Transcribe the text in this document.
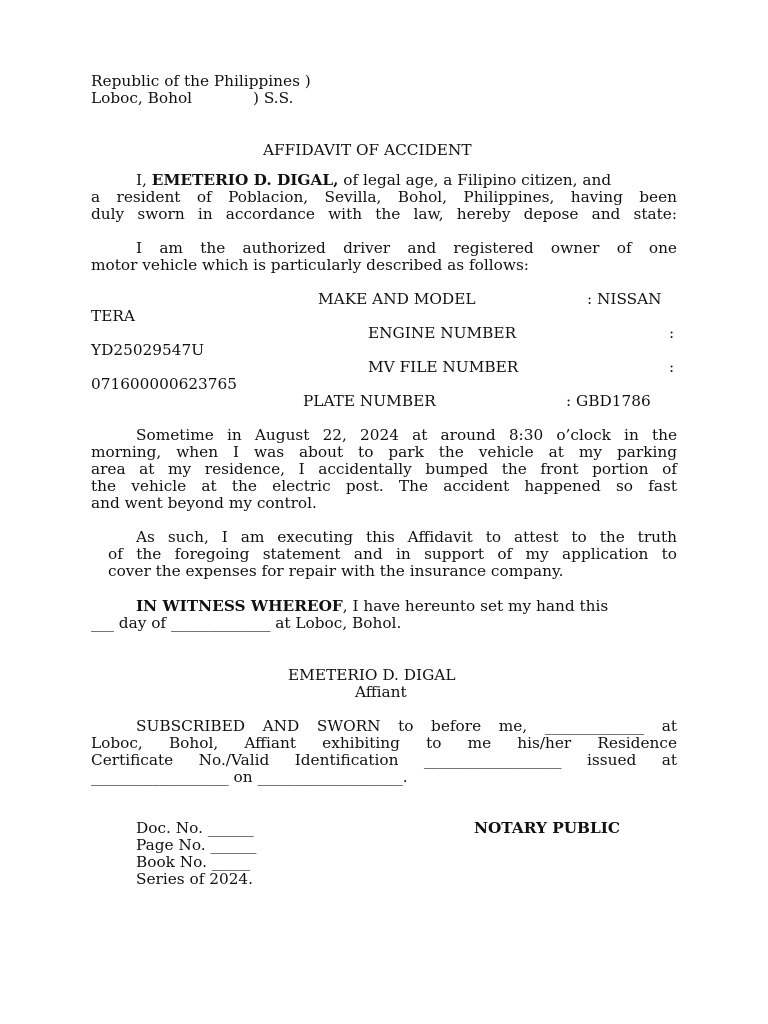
Republic of the Philippines )
Loboc, Bohol	) S.S.
AFFIDAVIT OF ACCIDENT
I, EMETERIO D. DIGAL, of legal age, a Filipino citizen, and
a resident of Poblacion, Sevilla, Bohol, Philippines, having been
duly sworn in accordance with the law, hereby depose and state:
I am the authorized driver and registered owner of one
motor vehicle which is particularly described as follows:
MAKE AND MODEL	: NISSAN
TERA
ENGINE NUMBER	:
YD25029547U
MV FILE NUMBER	:
071600000623765
PLATE NUMBER	: GBD1786
Sometime in August 22, 2024 at around 8:30 o’clock in the
morning, when I was about to park the vehicle at my parking
area at my residence, I accidentally bumped the front portion of
the vehicle at the electric post. The accident happened so fast
and went beyond my control.
As such, I am executing this Affidavit to attest to the truth
of the foregoing statement and in support of my application to
cover the expenses for repair with the insurance company.
IN WITNESS WHEREOF, I have hereunto set my hand this
___ day of _____________ at Loboc, Bohol.
EMETERIO D. DIGAL
Affiant
SUBSCRIBED AND SWORN to before me, _____________ at
Loboc, Bohol, Affiant exhibiting to me his/her Residence
Certificate No./Valid Identification __________________ issued at
__________________ on ___________________.
Doc. No. ______
Page No. ______
Book No. _____
Series of 2024.
NOTARY PUBLIC
